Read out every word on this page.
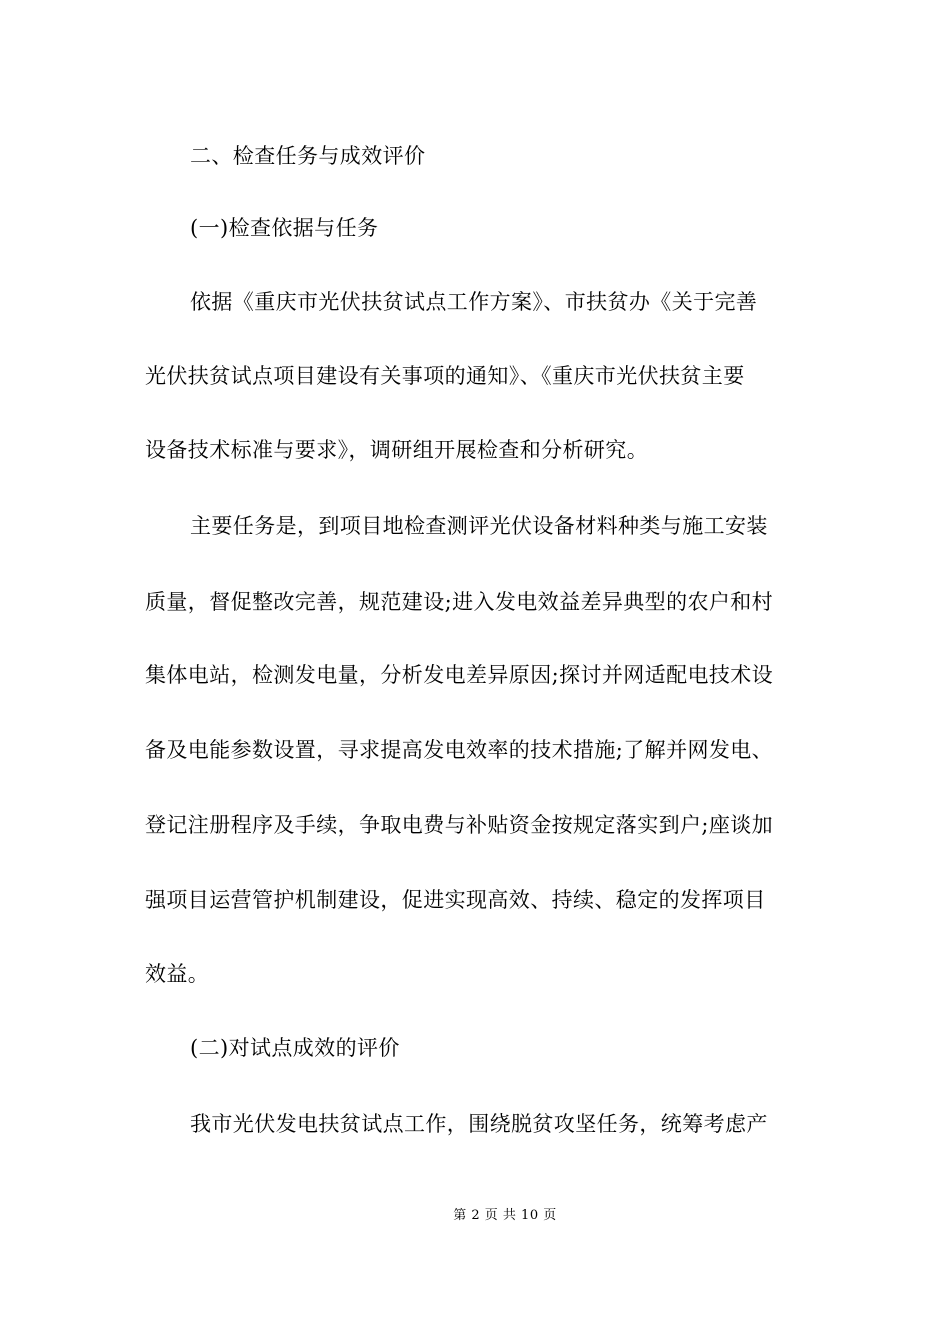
二、检查任务与成效评价
(一)检查依据与任务
依据《重庆市光伏扶贫试点工作方案》、市扶贫办《关于完善
光伏扶贫试点项目建设有关事项的通知》、《重庆市光伏扶贫主要
设备技术标准与要求》，调研组开展检查和分析研究。
主要任务是，到项目地检查测评光伏设备材料种类与施工安装
质量，督促整改完善，规范建设;进入发电效益差异典型的农户和村
集体电站，检测发电量，分析发电差异原因;探讨并网适配电技术设
备及电能参数设置，寻求提高发电效率的技术措施;了解并网发电、
登记注册程序及手续，争取电费与补贴资金按规定落实到户;座谈加
强项目运营管护机制建设，促进实现高效、持续、稳定的发挥项目
效益。
(二)对试点成效的评价
我市光伏发电扶贫试点工作，围绕脱贫攻坚任务，统筹考虑产
第 2 页 共 10 页
